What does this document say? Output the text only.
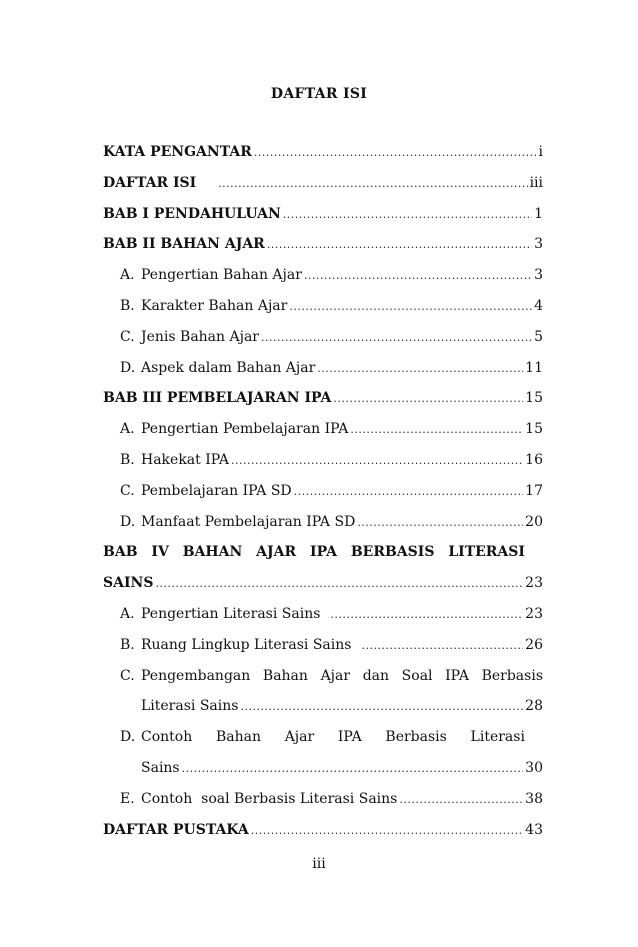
DAFTAR ISI
KATA PENGANTAR .....	i
DAFTAR ISI .....	iii
BAB I PENDAHULUAN .....	1
BAB II BAHAN AJAR .....	3
A. Pengertian Bahan Ajar .....	3
B. Karakter Bahan Ajar .....	4
C. Jenis Bahan Ajar .....	5
D. Aspek dalam Bahan Ajar .....	11
BAB III PEMBELAJARAN IPA .....	15
A. Pengertian Pembelajaran IPA .....	15
B. Hakekat IPA .....	16
C. Pembelajaran IPA SD .....	17
D. Manfaat Pembelajaran IPA SD .....	20
BAB IV BAHAN AJAR IPA BERBASIS LITERASI
SAINS .....	23
A. Pengertian Literasi Sains .....	23
B. Ruang Lingkup Literasi Sains .....	26
C. Pengembangan Bahan Ajar dan Soal IPA Berbasis
Literasi Sains .....	28
D. Contoh Bahan Ajar IPA Berbasis Literasi
Sains .....	30
E. Contoh  soal Berbasis Literasi Sains .....	38
DAFTAR PUSTAKA .....	43
iii
